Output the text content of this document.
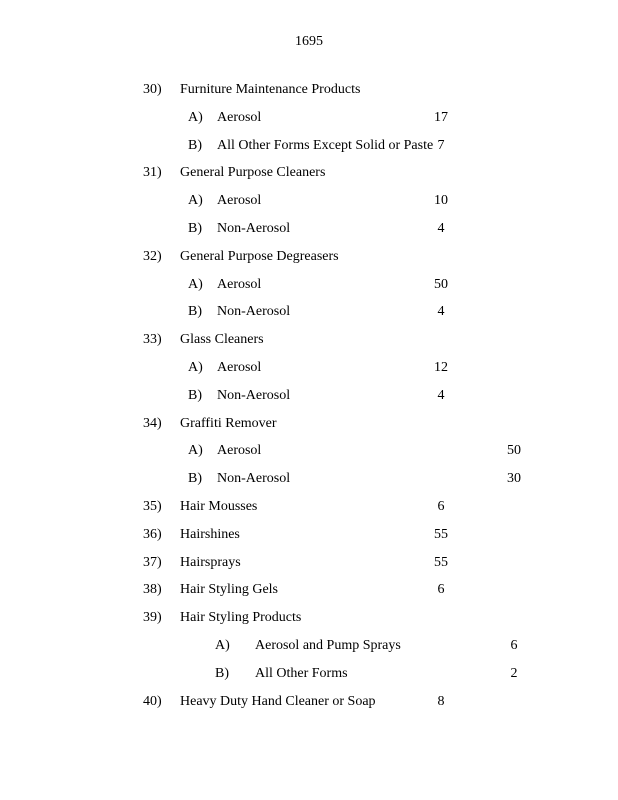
1695
30) Furniture Maintenance Products
A) Aerosol	17
B) All Other Forms Except Solid or Paste 7
31) General Purpose Cleaners
A) Aerosol	10
B) Non-Aerosol	4
32) General Purpose Degreasers
A) Aerosol	50
B) Non-Aerosol	4
33) Glass Cleaners
A) Aerosol	12
B) Non-Aerosol	4
34) Graffiti Remover
A) Aerosol	50
B) Non-Aerosol	30
35) Hair Mousses	6
36) Hairshines	55
37) Hairsprays	55
38) Hair Styling Gels	6
39) Hair Styling Products
A) Aerosol and Pump Sprays	6
B) All Other Forms	2
40) Heavy Duty Hand Cleaner or Soap	8
